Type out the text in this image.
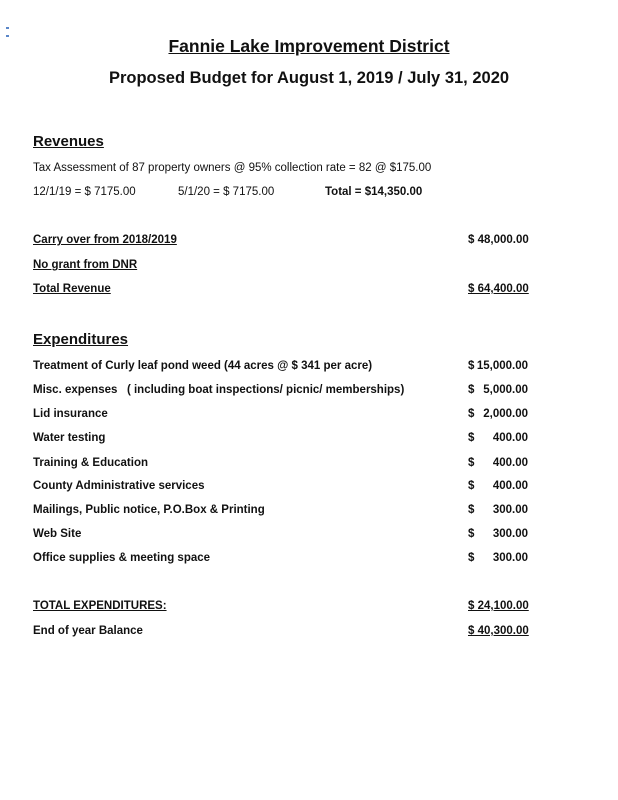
Fannie Lake Improvement District
Proposed Budget for August 1, 2019 / July 31, 2020
Revenues
Tax Assessment of 87 property owners @ 95% collection rate = 82 @ $175.00
12/1/19 = $ 7175.00	5/1/20 = $ 7175.00	Total = $14,350.00
Carry over from 2018/2019	$ 48,000.00
No grant from DNR
Total Revenue	$ 64,400.00
Expenditures
Treatment of Curly leaf pond weed (44 acres @ $ 341 per acre)	$ 15,000.00
Misc. expenses   ( including boat inspections/ picnic/ memberships)	$ 5,000.00
Lid insurance	$ 2,000.00
Water testing	$ 400.00
Training & Education	$ 400.00
County Administrative services	$ 400.00
Mailings, Public notice, P.O.Box & Printing	$ 300.00
Web Site	$ 300.00
Office supplies & meeting space	$ 300.00
TOTAL EXPENDITURES:	$ 24,100.00
End of year Balance	$ 40,300.00
